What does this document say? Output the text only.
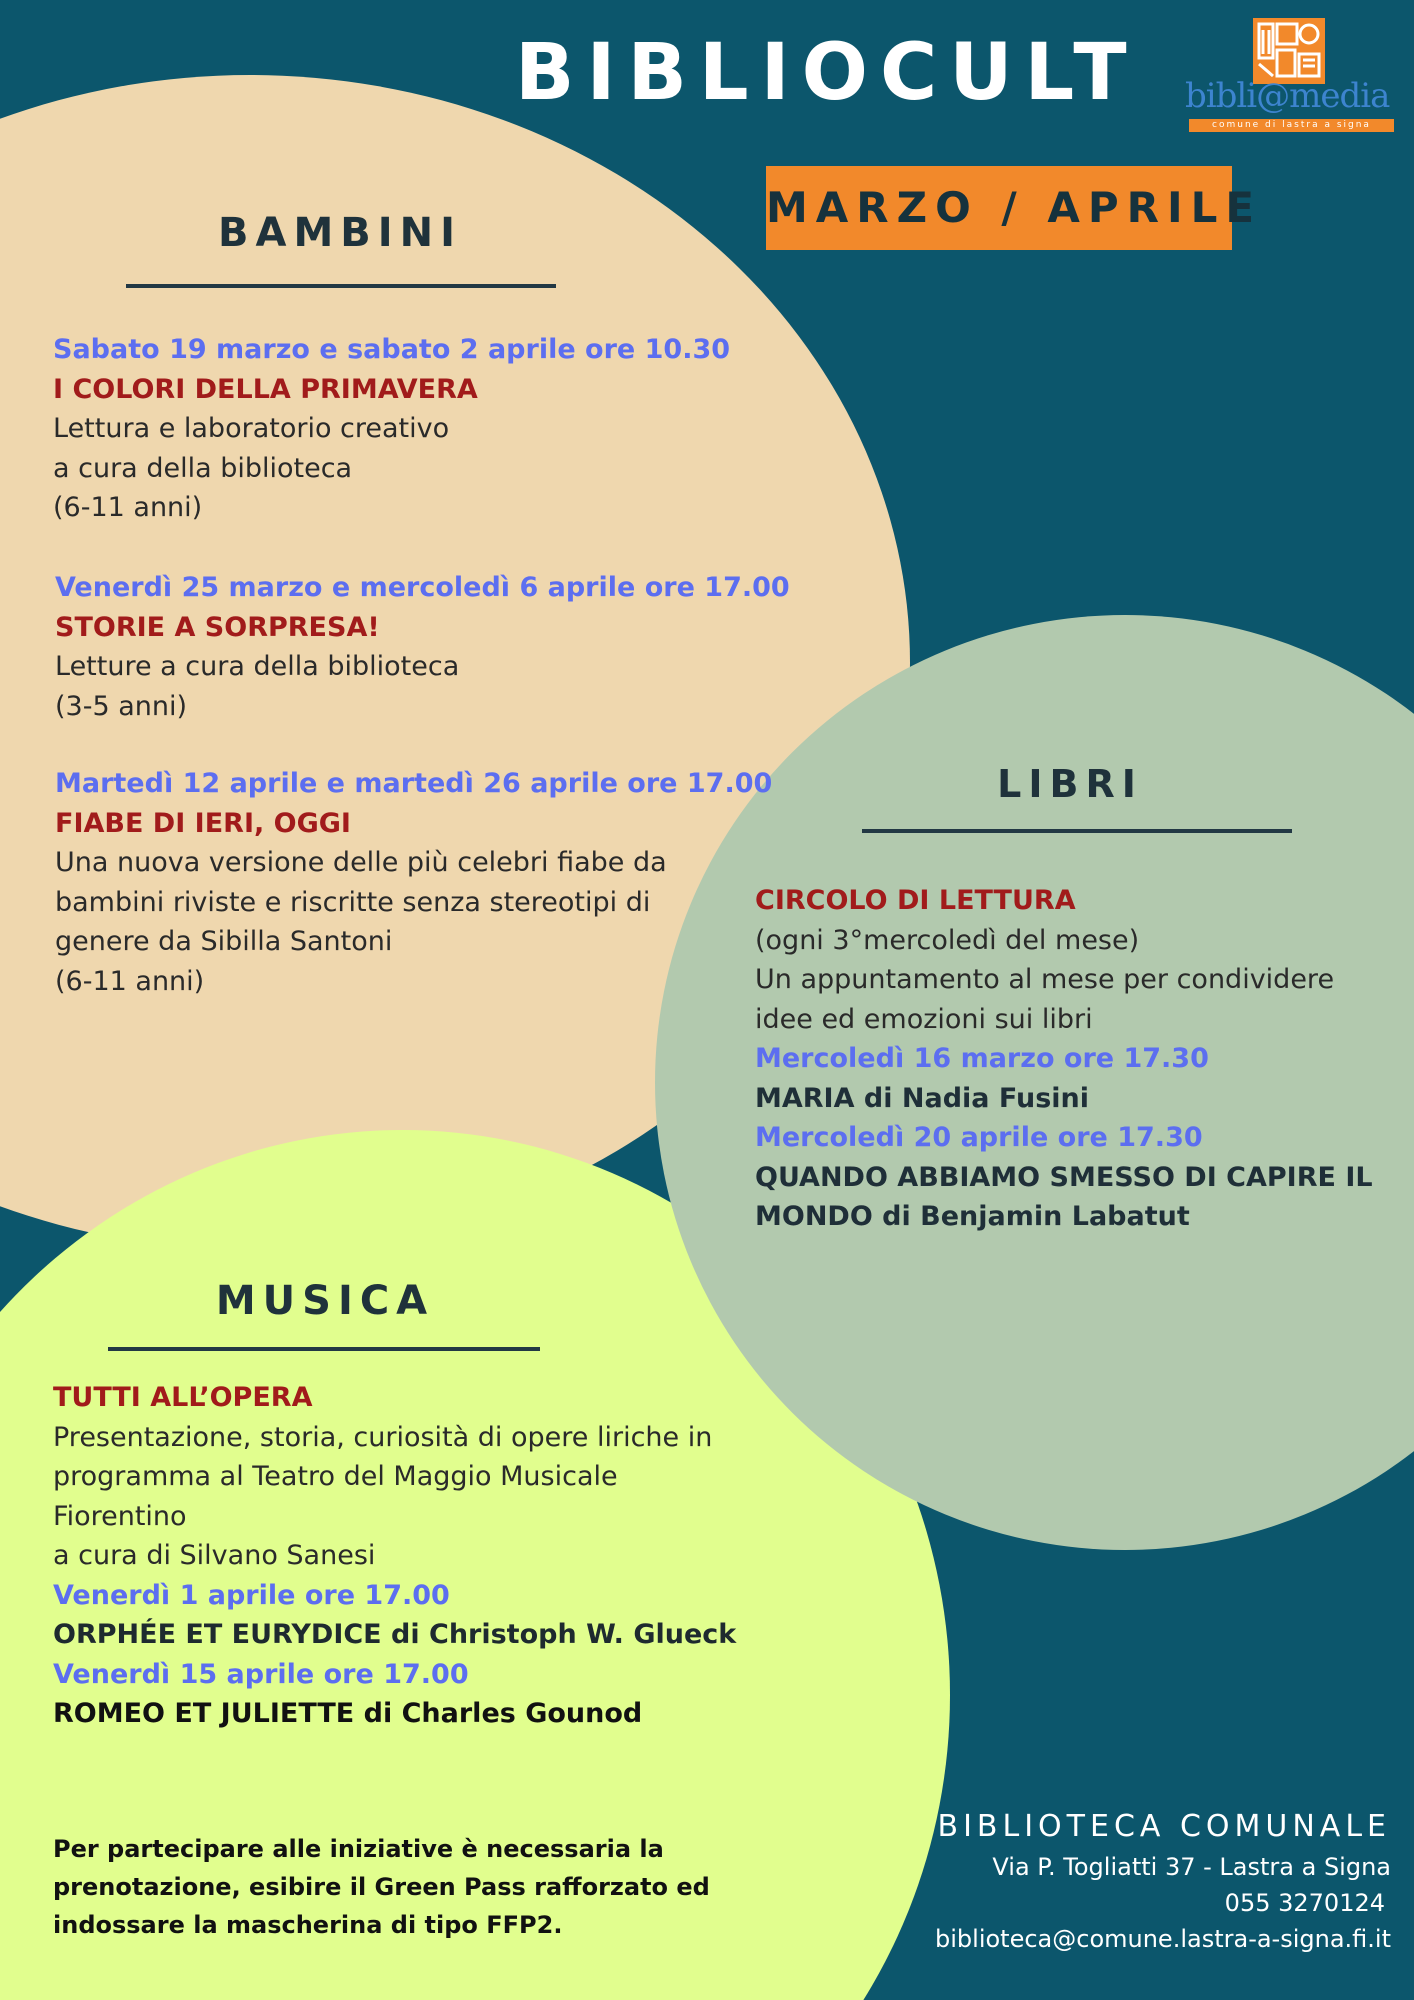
BIBLIOCULT bibli@media
comune di lastra a signa
MARZO / APRILE
BAMBINI

Sabato 19 marzo e sabato 2 aprile ore 10.30

I COLORI DELLA PRIMAVERA

Lettura e laboratorio creativo

a cura della biblioteca

(6-11 anni)

Venerdì 25 marzo e mercoledì 6 aprile ore 17.00

STORIE A SORPRESA!

Letture a cura della biblioteca

(3-5 anni)

Martedì 12 aprile e martedì 26 aprile ore 17.00

FIABE DI IERI, OGGI

Una nuova versione delle più celebri fiabe da

bambini riviste e riscritte senza stereotipi di

genere da Sibilla Santoni

(6-11 anni)

LIBRI

CIRCOLO DI LETTURA

(ogni 3°mercoledì del mese)

Un appuntamento al mese per condividere

idee ed emozioni sui libri

Mercoledì 16 marzo ore 17.30

MARIA di Nadia Fusini

Mercoledì 20 aprile ore 17.30

QUANDO ABBIAMO SMESSO DI CAPIRE IL

MONDO di Benjamin Labatut

MUSICA

TUTTI ALL’OPERA

Presentazione, storia, curiosità di opere liriche in

programma al Teatro del Maggio Musicale

Fiorentino

a cura di Silvano Sanesi

Venerdì 1 aprile ore 17.00

ORPHÉE ET EURYDICE di Christoph W. Glueck

Venerdì 15 aprile ore 17.00

ROMEO ET JULIETTE di Charles Gounod

Per partecipare alle iniziative è necessaria la

prenotazione, esibire il Green Pass rafforzato ed

indossare la mascherina di tipo FFP2.

BIBLIOTECA COMUNALE

Via P. Togliatti 37 - Lastra a Signa

055 3270124

biblioteca@comune.lastra-a-signa.fi.it
